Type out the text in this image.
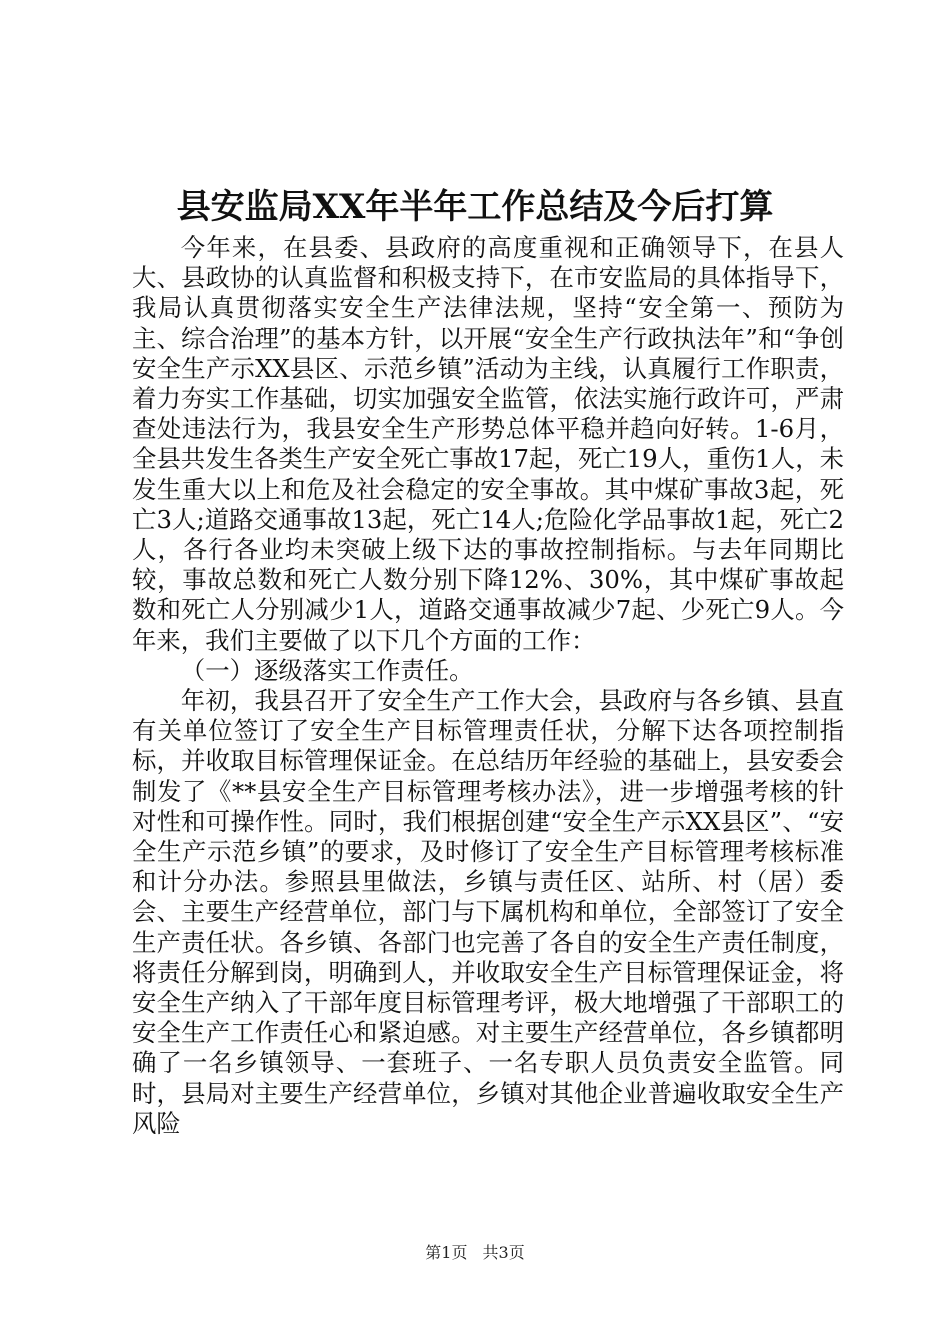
县安监局XX年半年工作总结及今后打算

今年来，在县委、县政府的高度重视和正确领导下，在县人大、县政协的认真监督和积极支持下，在市安监局的具体指导下，我局认真贯彻落实安全生产法律法规，坚持“安全第一、预防为主、综合治理”的基本方针，以开展“安全生产行政执法年”和“争创安全生产示XX县区、示范乡镇”活动为主线，认真履行工作职责，着力夯实工作基础，切实加强安全监管，依法实施行政许可，严肃查处违法行为，我县安全生产形势总体平稳并趋向好转。1-6月，全县共发生各类生产安全死亡事故17起，死亡19人，重伤1人，未发生重大以上和危及社会稳定的安全事故。其中煤矿事故3起，死亡3人;道路交通事故13起，死亡14人;危险化学品事故1起，死亡2人，各行各业均未突破上级下达的事故控制指标。与去年同期比较，事故总数和死亡人数分别下降12%、30%，其中煤矿事故起数和死亡人分别减少1人，道路交通事故减少7起、少死亡9人。今年来，我们主要做了以下几个方面的工作：

（一）逐级落实工作责任。

年初，我县召开了安全生产工作大会，县政府与各乡镇、县直有关单位签订了安全生产目标管理责任状，分解下达各项控制指标，并收取目标管理保证金。在总结历年经验的基础上，县安委会制发了《**县安全生产目标管理考核办法》，进一步增强考核的针对性和可操作性。同时，我们根据创建“安全生产示XX县区”、“安全生产示范乡镇”的要求，及时修订了安全生产目标管理考核标准和计分办法。参照县里做法，乡镇与责任区、站所、村（居）委会、主要生产经营单位，部门与下属机构和单位，全部签订了安全生产责任状。各乡镇、各部门也完善了各自的安全生产责任制度，将责任分解到岗，明确到人，并收取安全生产目标管理保证金，将安全生产纳入了干部年度目标管理考评，极大地增强了干部职工的安全生产工作责任心和紧迫感。对主要生产经营单位，各乡镇都明确了一名乡镇领导、一套班子、一名专职人员负责安全监管。同时，县局对主要生产经营单位，乡镇对其他企业普遍收取安全生产风险

第1页 共3页
